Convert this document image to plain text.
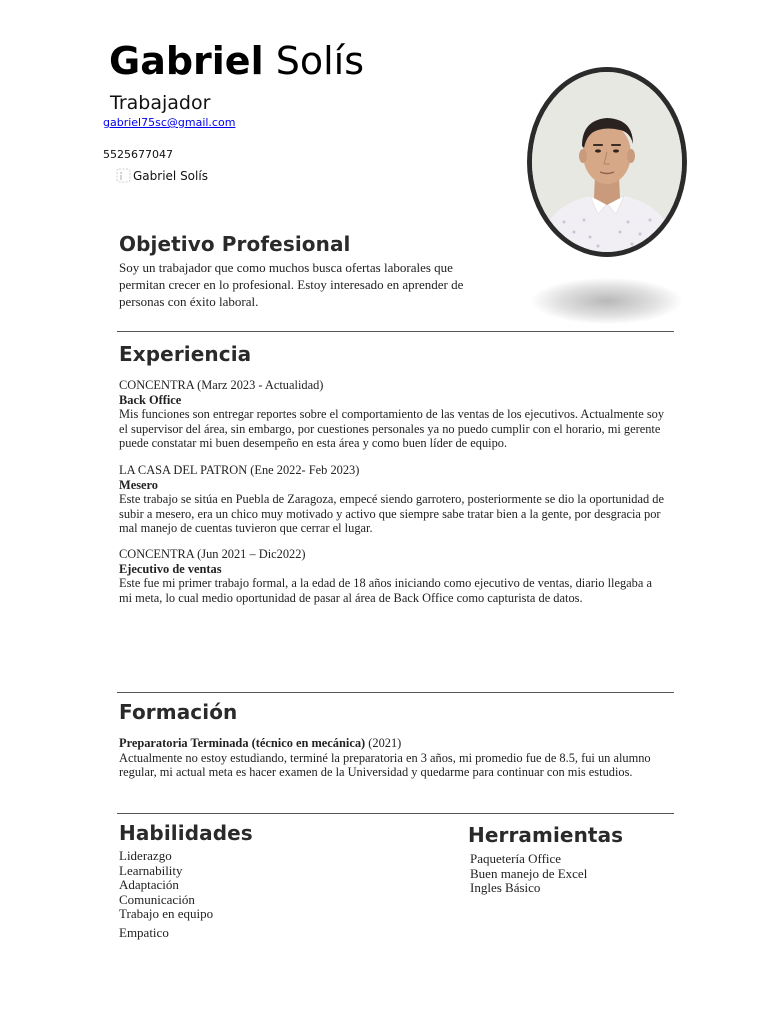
Gabriel Solís
Trabajador
gabriel75sc@gmail.com
5525677047
Gabriel Solís
Objetivo Profesional
Soy un trabajador que como muchos busca ofertas laborales que permitan crecer en lo profesional. Estoy interesado en aprender de personas con éxito laboral.
Experiencia
CONCENTRA (Marz 2023 - Actualidad)
Back Office
Mis funciones son entregar reportes sobre el comportamiento de las ventas de los ejecutivos. Actualmente soy el supervisor del área, sin embargo, por cuestiones personales ya no puedo cumplir con el horario, mi gerente puede constatar mi buen desempeño en esta área y como buen líder de equipo.
LA CASA DEL PATRON (Ene 2022- Feb 2023)
Mesero
Este trabajo se sitúa en Puebla de Zaragoza, empecé siendo garrotero, posteriormente se dio la oportunidad de subir a mesero, era un chico muy motivado y activo que siempre sabe tratar bien a la gente, por desgracia por mal manejo de cuentas tuvieron que cerrar el lugar.
CONCENTRA (Jun 2021 – Dic2022)
Ejecutivo de ventas
Este fue mi primer trabajo formal, a la edad de 18 años iniciando como ejecutivo de ventas, diario llegaba a mi meta, lo cual medio oportunidad de pasar al área de Back Office como capturista de datos.
Formación
Preparatoria Terminada (técnico en mecánica) (2021)
Actualmente no estoy estudiando, terminé la preparatoria en 3 años, mi promedio fue de 8.5, fui un alumno regular, mi actual meta es hacer examen de la Universidad y quedarme para continuar con mis estudios.
Habilidades
Liderazgo
Learnability
Adaptación
Comunicación
Trabajo en equipo
Empatico
Herramientas
Paquetería Office
Buen manejo de Excel
Ingles Básico
